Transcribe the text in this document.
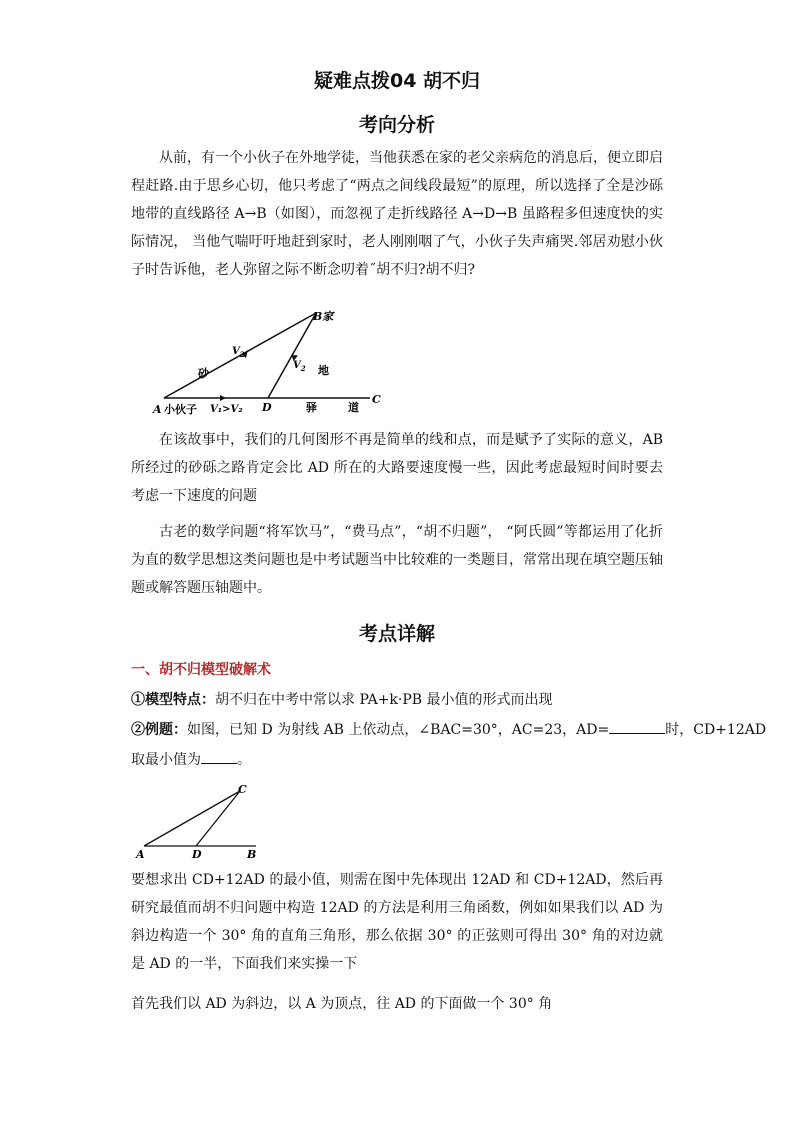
疑难点拨04 胡不归
考向分析
从前，有一个小伙子在外地学徒，当他获悉在家的老父亲病危的消息后，便立即启程赶路.由于思乡心切，他只考虑了“两点之间线段最短”的原理，所以选择了全是沙砾地带的直线路径 A→B（如图），而忽视了走折线路径 A→D→B 虽路程多但速度快的实际情况， 当他气喘吁吁地赶到家时，老人刚刚咽了气，小伙子失声痛哭.邻居劝慰小伙子时告诉他，老人弥留之际不断念叨着˝胡不归?胡不归?
B家
A 小伙子	D
C
$V_2$
$V_2$
砂	地
驿	道
V₁>V₂
在该故事中，我们的几何图形不再是简单的线和点，而是赋予了实际的意义，AB所经过的砂砾之路肯定会比 AD 所在的大路要速度慢一些，因此考虑最短时间时要去考虑一下速度的问题
古老的数学问题“将军饮马”，“费马点”，“胡不归题”， “阿氏圆”等都运用了化折为直的数学思想这类问题也是中考试题当中比较难的一类题目，常常出现在填空题压轴题或解答题压轴题中。
考点详解
一、胡不归模型破解术
①模型特点：胡不归在中考中常以求 PA+k·PB 最小值的形式而出现
②例题：如图，已知 D 为射线 AB 上依动点，∠BAC=30°，AC=23，AD=	时，CD+12AD
取最小值为	。
C
A	D	B
要想求出 CD+12AD 的最小值，则需在图中先体现出 12AD 和 CD+12AD，然后再研究最值而胡不归问题中构造 12AD 的方法是利用三角函数，例如如果我们以 AD 为斜边构造一个 30° 角的直角三角形，那么依据 30° 的正弦则可得出 30° 角的对边就是 AD 的一半，下面我们来实操一下
首先我们以 AD 为斜边，以 A 为顶点，往 AD 的下面做一个 30° 角
